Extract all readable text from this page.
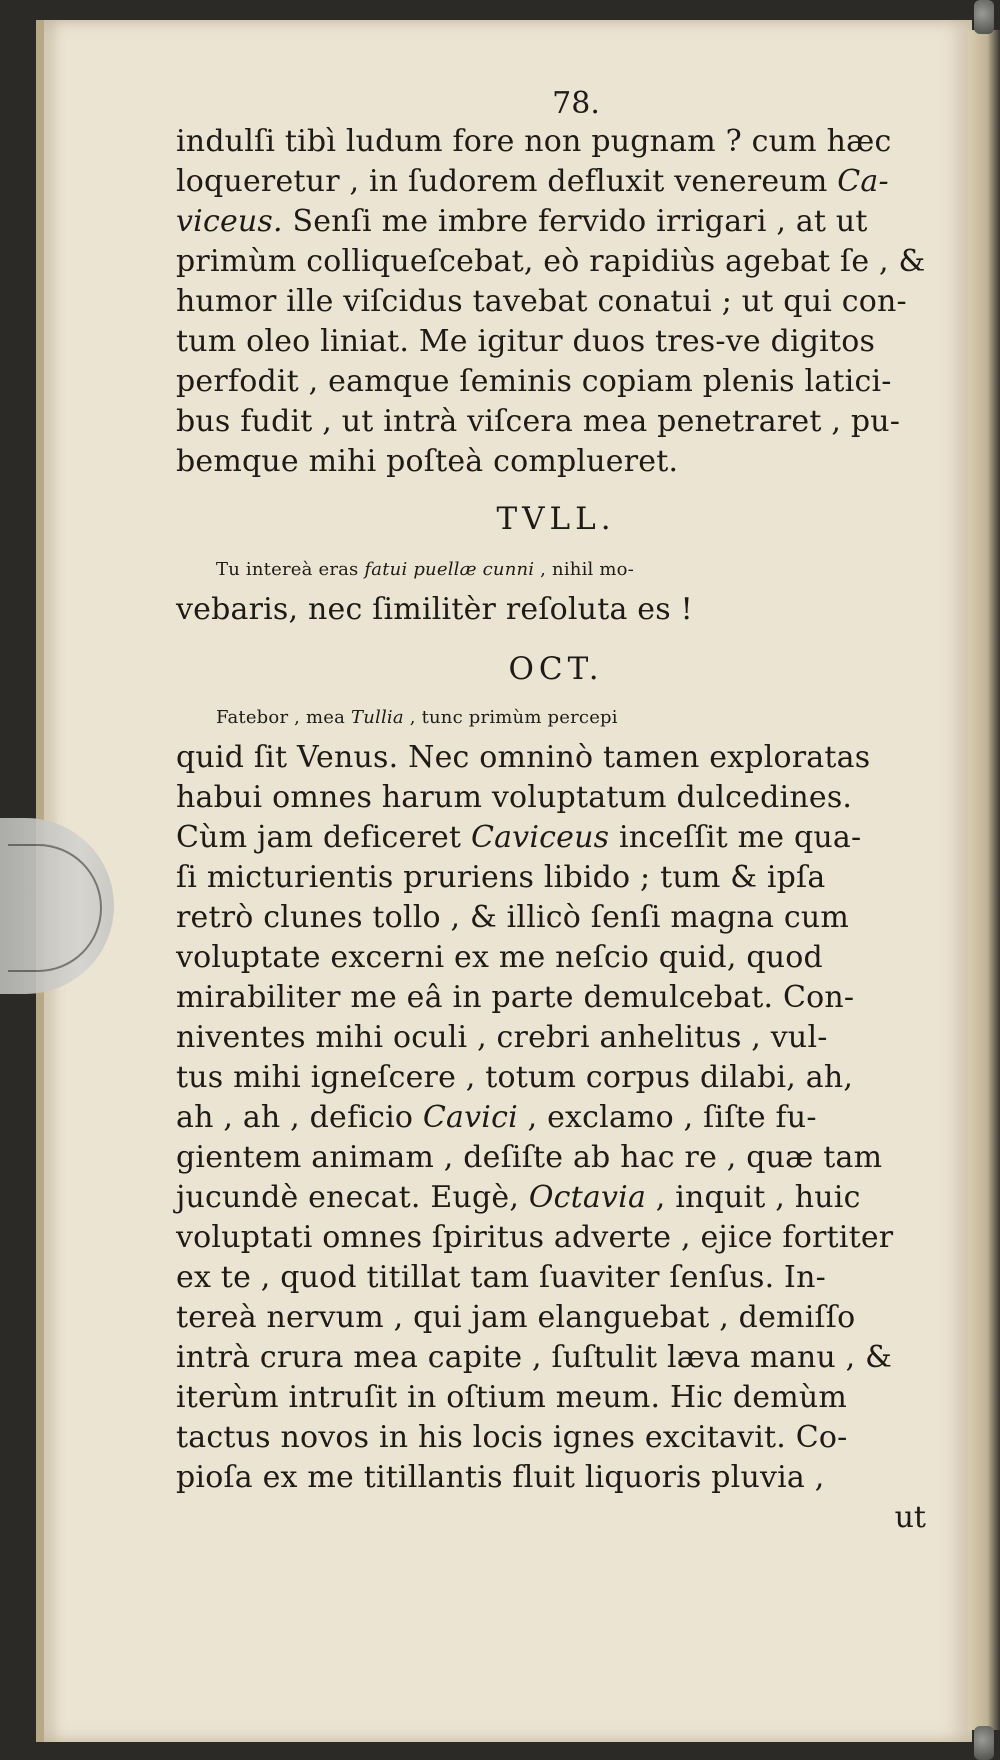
78.
indulſi tibì ludum fore non pugnam ? cum hæc
loqueretur , in ſudorem defluxit venereum Ca-
viceus. Senſi me imbre fervido irrigari , at ut
primùm colliqueſcebat, eò rapidiùs agebat ſe , &
humor ille viſcidus tavebat conatui ; ut qui con-
tum oleo liniat. Me igitur duos tres-ve digitos
perfodit , eamque ſeminis copiam plenis latici-
bus fudit , ut intrà viſcera mea penetraret , pu-
bemque mihi poſteà complueret.
TVLL.
Tu intereà eras fatui puellæ cunni , nihil mo-
vebaris, nec ſimilitèr reſoluta es !
OCT.
Fatebor , mea Tullia , tunc primùm percepi
quid ſit Venus. Nec omninò tamen exploratas
habui omnes harum voluptatum dulcedines.
Cùm jam deficeret Caviceus inceſſit me qua-
ſi micturientis pruriens libido ; tum & ipſa
retrò clunes tollo , & illicò ſenſi magna cum
voluptate excerni ex me neſcio quid, quod
mirabiliter me eâ in parte demulcebat. Con-
niventes mihi oculi , crebri anhelitus , vul-
tus mihi igneſcere , totum corpus dilabi, ah,
ah , ah , deficio Cavici , exclamo , ſiſte fu-
gientem animam , deſiſte ab hac re , quæ tam
jucundè enecat. Eugè, Octavia , inquit , huic
voluptati omnes ſpiritus adverte , ejice fortiter
ex te , quod titillat tam ſuaviter ſenſus. In-
tereà nervum , qui jam elanguebat , demiſſo
intrà crura mea capite , ſuſtulit læva manu , &
iterùm intruſit in oſtium meum. Hic demùm
tactus novos in his locis ignes excitavit. Co-
pioſa ex me titillantis fluit liquoris pluvia ,
ut
